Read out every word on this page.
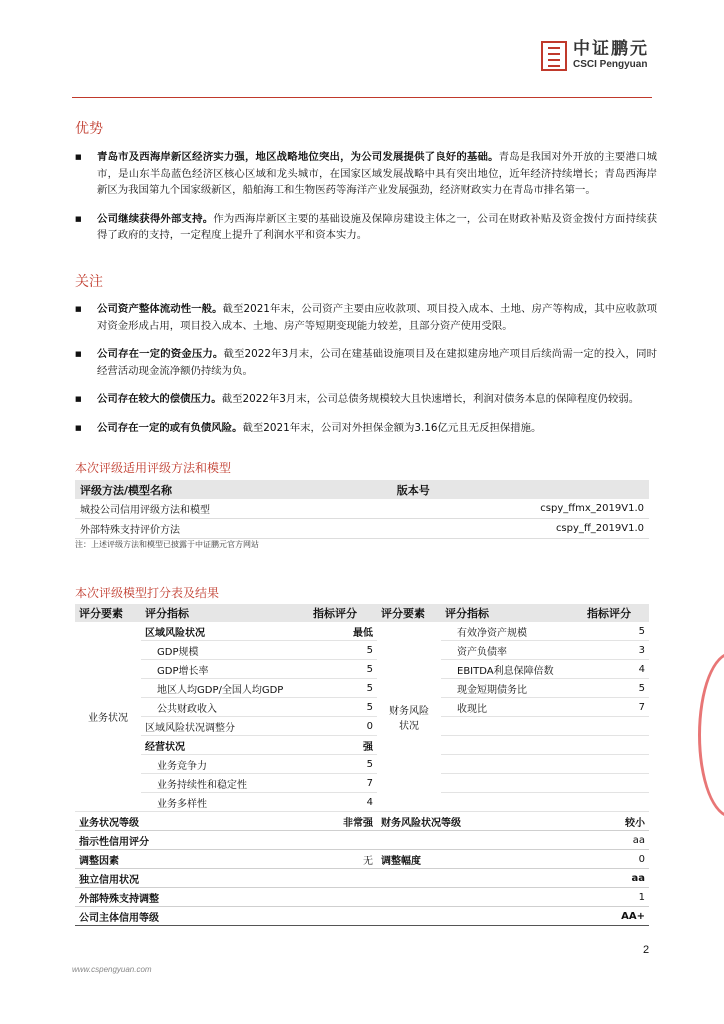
中证鹏元
CSCI Pengyuan
优势
■ 青岛市及西海岸新区经济实力强，地区战略地位突出，为公司发展提供了良好的基础。青岛是我国对外开放的主要港口城市，是山东半岛蓝色经济区核心区域和龙头城市，在国家区域发展战略中具有突出地位，近年经济持续增长；青岛西海岸新区为我国第九个国家级新区，船舶海工和生物医药等海洋产业发展强劲，经济财政实力在青岛市排名第一。
■ 公司继续获得外部支持。作为西海岸新区主要的基础设施及保障房建设主体之一，公司在财政补贴及资金拨付方面持续获得了政府的支持，一定程度上提升了利润水平和资本实力。
关注
■ 公司资产整体流动性一般。截至2021年末，公司资产主要由应收款项、项目投入成本、土地、房产等构成，其中应收款项对资金形成占用，项目投入成本、土地、房产等短期变现能力较差，且部分资产使用受限。
■ 公司存在一定的资金压力。截至2022年3月末，公司在建基础设施项目及在建拟建房地产项目后续尚需一定的投入，同时经营活动现金流净额仍持续为负。
■ 公司存在较大的偿债压力。截至2022年3月末，公司总债务规模较大且快速增长，利润对债务本息的保障程度仍较弱。
■ 公司存在一定的或有负债风险。截至2021年末，公司对外担保金额为3.16亿元且无反担保措施。
本次评级适用评级方法和模型
评级方法/模型名称	版本号
城投公司信用评级方法和模型	cspy_ffmx_2019V1.0
外部特殊支持评价方法	cspy_ff_2019V1.0
注：上述评级方法和模型已披露于中证鹏元官方网站
本次评级模型打分表及结果
评分要素	评分指标	指标评分	评分要素	评分指标	指标评分
业务状况	区域风险状况	最低	财务风险状况	有效净资产规模	5
	GDP规模	5		资产负债率	3
	GDP增长率	5		EBITDA利息保障倍数	4
	地区人均GDP/全国人均GDP	5		现金短期债务比	5
	公共财政收入	5		收现比	7
	区域风险状况调整分	0			
	经营状况	强			
	业务竞争力	5			
	业务持续性和稳定性	7			
	业务多样性	4			
业务状况等级		非常强	财务风险状况等级		较小
指示性信用评分					aa
调整因素		无	调整幅度		0
独立信用状况					aa
外部特殊支持调整					1
公司主体信用等级					AA+
2
www.cspengyuan.com
